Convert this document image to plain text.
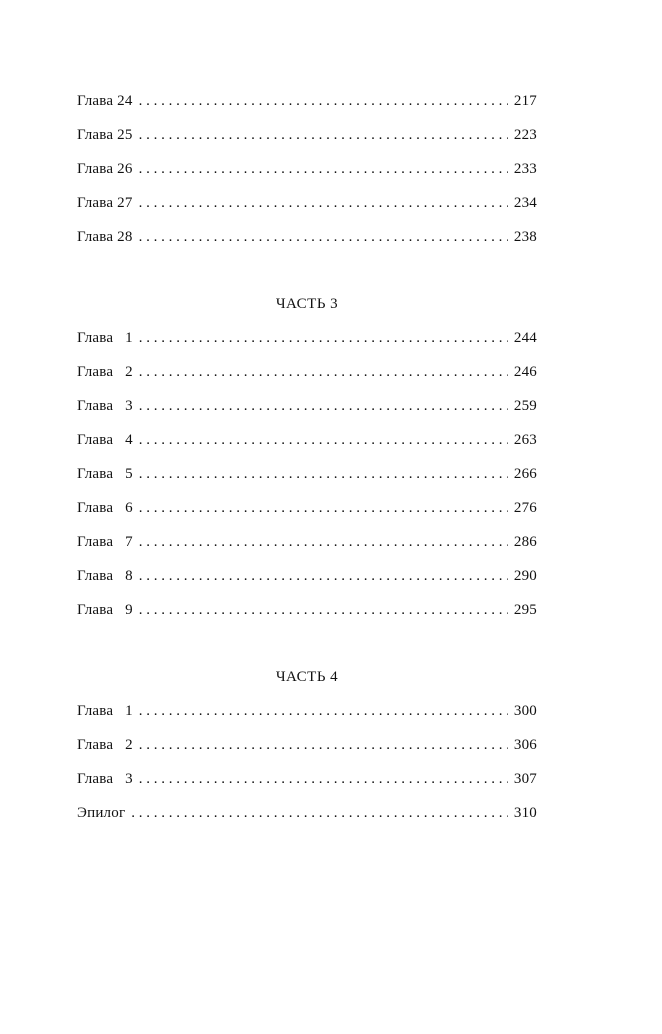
Глава 24 . . .	217
Глава 25 . . .	223
Глава 26 . . .	233
Глава 27 . . .	234
Глава 28 . . .	238
ЧАСТЬ 3
Глава   1 . . .	244
Глава   2 . . .	246
Глава   3 . . .	259
Глава   4 . . .	263
Глава   5 . . .	266
Глава   6 . . .	276
Глава   7 . . .	286
Глава   8 . . .	290
Глава   9 . . .	295
ЧАСТЬ 4
Глава   1 . . .	300
Глава   2 . . .	306
Глава   3 . . .	307
Эпилог . . .	310
